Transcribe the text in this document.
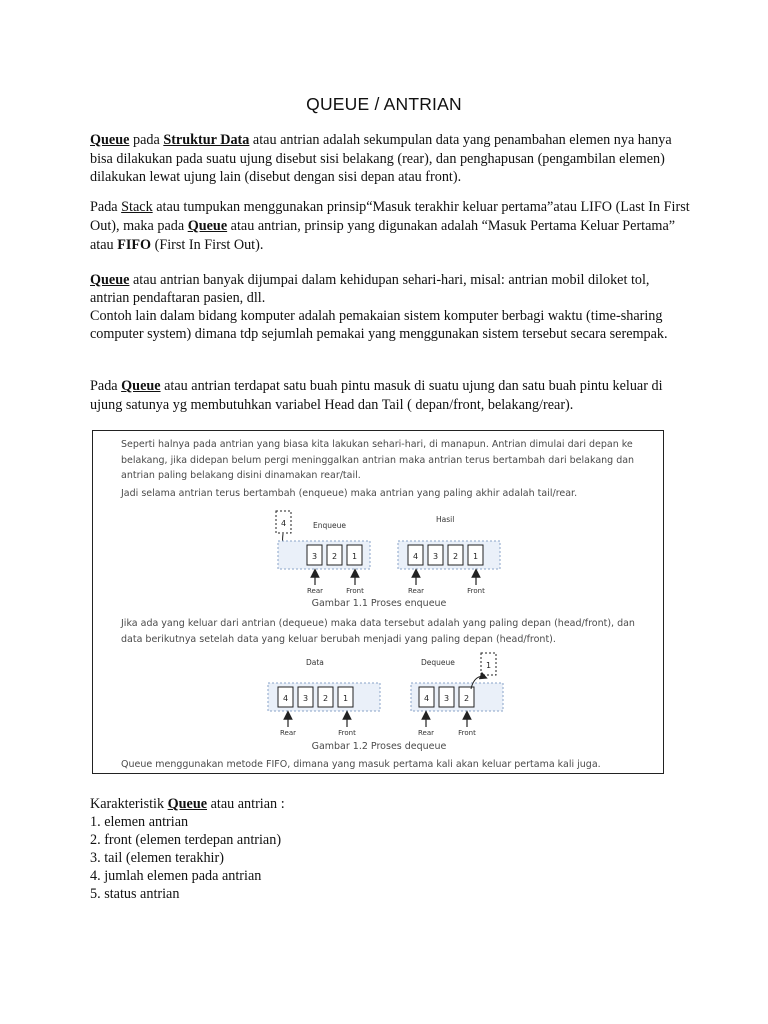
QUEUE / ANTRIAN
Queue pada Struktur Data atau antrian adalah sekumpulan data yang penambahan elemen nya hanya bisa dilakukan pada suatu ujung disebut sisi belakang (rear), dan penghapusan (pengambilan elemen) dilakukan lewat ujung lain (disebut dengan sisi depan atau front).
Pada Stack atau tumpukan menggunakan prinsip“Masuk terakhir keluar pertama”atau LIFO (Last In First Out), maka pada Queue atau antrian, prinsip yang digunakan adalah “Masuk Pertama Keluar Pertama” atau FIFO (First In First Out).
Queue atau antrian banyak dijumpai dalam kehidupan sehari-hari, misal: antrian mobil diloket tol, antrian pendaftaran pasien, dll.
Contoh lain dalam bidang komputer adalah pemakaian sistem komputer berbagi waktu (time-sharing computer system) dimana tdp sejumlah pemakai yang menggunakan sistem tersebut secara serempak.
Pada Queue atau antrian terdapat satu buah pintu masuk di suatu ujung dan satu buah pintu keluar di ujung satunya yg membutuhkan variabel Head dan Tail ( depan/front, belakang/rear).
Seperti halnya pada antrian yang biasa kita lakukan sehari-hari, di manapun. Antrian dimulai dari depan ke belakang, jika didepan belum pergi meninggalkan antrian maka antrian terus bertambah dari belakang dan antrian paling belakang disini dinamakan rear/tail.
Jadi selama antrian terus bertambah (enqueue) maka antrian yang paling akhir adalah tail/rear.
Jika ada yang keluar dari antrian (dequeue) maka data tersebut adalah yang paling depan (head/front), dan data berikutnya setelah data yang keluar berubah menjadi yang paling depan (head/front).
Queue menggunakan metode FIFO, dimana yang masuk pertama kali akan keluar pertama kali juga.
Enqueue
4
3 2 1
Rear	Front
Hasil
4 3 2 1
Rear	Front
Gambar 1.1 Proses enqueue
Data
4 3 2 1
Rear	Front
Dequeue
4 3 2
1
Rear	Front
Gambar 1.2 Proses dequeue
Karakteristik Queue atau antrian :
1. elemen antrian
2. front (elemen terdepan antrian)
3. tail (elemen terakhir)
4. jumlah elemen pada antrian
5. status antrian
